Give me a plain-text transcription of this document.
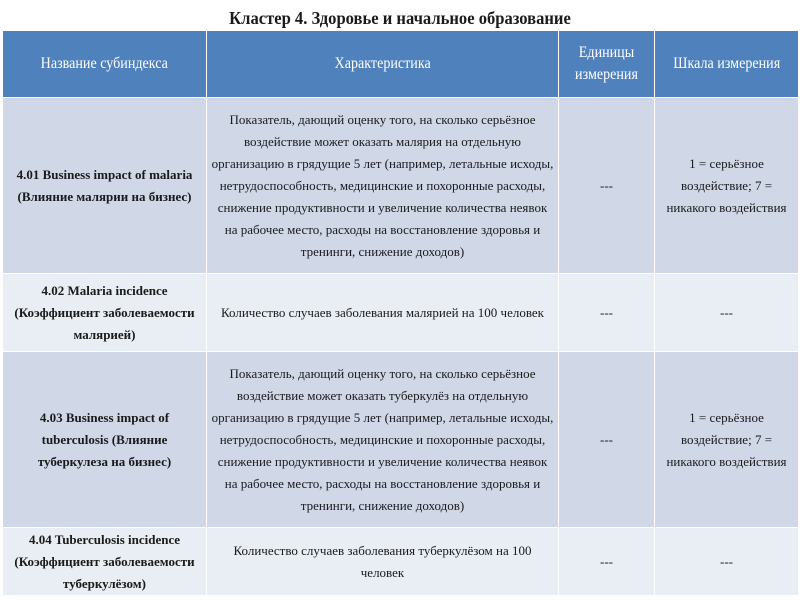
Кластер 4. Здоровье и начальное образование
Название субиндекса	Характеристика	Единицы измерения	Шкала измерения
4.01 Business impact of malaria (Влияние малярии на бизнес)	Показатель, дающий оценку того, на сколько серьёзное воздействие может оказать малярия на отдельную организацию в грядущие 5 лет (например, летальные исходы, нетрудоспособность, медицинские и похоронные расходы, снижение продуктивности и увеличение количества неявок на рабочее место, расходы на восстановление здоровья и тренинги, снижение доходов)	---	1 = серьёзное воздействие; 7 = никакого воздействия
4.02 Malaria incidence (Коэффициент заболеваемости малярией)	Количество случаев заболевания малярией на 100 человек	---	---
4.03 Business impact of tuberculosis (Влияние туберкулеза на бизнес)	Показатель, дающий оценку того, на сколько серьёзное воздействие может оказать туберкулёз на отдельную организацию в грядущие 5 лет (например, летальные исходы, нетрудоспособность, медицинские и похоронные расходы, снижение продуктивности и увеличение количества неявок на рабочее место, расходы на восстановление здоровья и тренинги, снижение доходов)	---	1 = серьёзное воздействие; 7 = никакого воздействия
4.04 Tuberculosis incidence (Коэффициент заболеваемости туберкулёзом)	Количество случаев заболевания туберкулёзом на 100 человек	---	---
